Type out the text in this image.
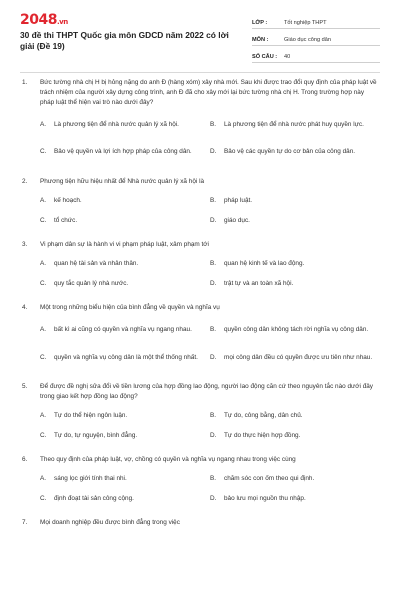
2048.vn
30 đề thi THPT Quốc gia môn GDCD năm 2022 có lời giải (Đề 19)
LỚP :	Tốt nghiệp THPT
MÔN :	Giáo dục công dân
SỐ CÂU : 40
1. Bức tường nhà chị H bị hỏng nặng do anh Đ (hàng xóm) xây nhà mới. Sau khi được trao đổi quy định của pháp luật về trách nhiệm của người xây dựng công trình, anh Đ đã cho xây mới lại bức tường nhà chị H. Trong trường hợp này pháp luật thể hiện vai trò nào dưới đây?
A. Là phương tiện để nhà nước quản lý xã hội.	B. Là phương tiện để nhà nước phát huy quyền lực.
C. Bảo vệ quyền và lợi ích hợp pháp của công dân.	D. Bảo vệ các quyền tự do cơ bản của công dân.
2. Phương tiện hữu hiệu nhất để Nhà nước quản lý xã hội là
A. kế hoạch.	B. pháp luật.
C. tổ chức.	D. giáo dục.
3. Vi phạm dân sự là hành vi vi phạm pháp luật, xâm phạm tới
A. quan hệ tài sản và nhân thân.	B. quan hệ kinh tế và lao động.
C. quy tắc quản lý nhà nước.	D. trật tự và an toàn xã hội.
4. Một trong những biểu hiện của bình đẳng về quyền và nghĩa vụ
A. bất kì ai cũng có quyền và nghĩa vụ ngang nhau.	B. quyền công dân không tách rời nghĩa vụ công dân.
C. quyền và nghĩa vụ công dân là một thể thống nhất. D. mọi công dân đều có quyền được ưu tiên như nhau.
5. Để được đề nghị sửa đổi về tiền lương của hợp đồng lao động, người lao động căn cứ theo nguyên tắc nào dưới đây trong giao kết hợp đồng lao động?
A. Tự do thể hiện ngôn luận.	B. Tự do, công bằng, dân chủ.
C. Tự do, tự nguyện, bình đẳng.	D. Tự do thực hiện hợp đồng.
6. Theo quy định của pháp luật, vợ, chồng có quyền và nghĩa vụ ngang nhau trong việc cùng
A. sáng lọc giới tính thai nhi.	B. chăm sóc con ốm theo qui định.
C. định đoạt tài sản công cộng.	D. bảo lưu mọi nguồn thu nhập.
7. Mọi doanh nghiệp đều được bình đẳng trong việc
